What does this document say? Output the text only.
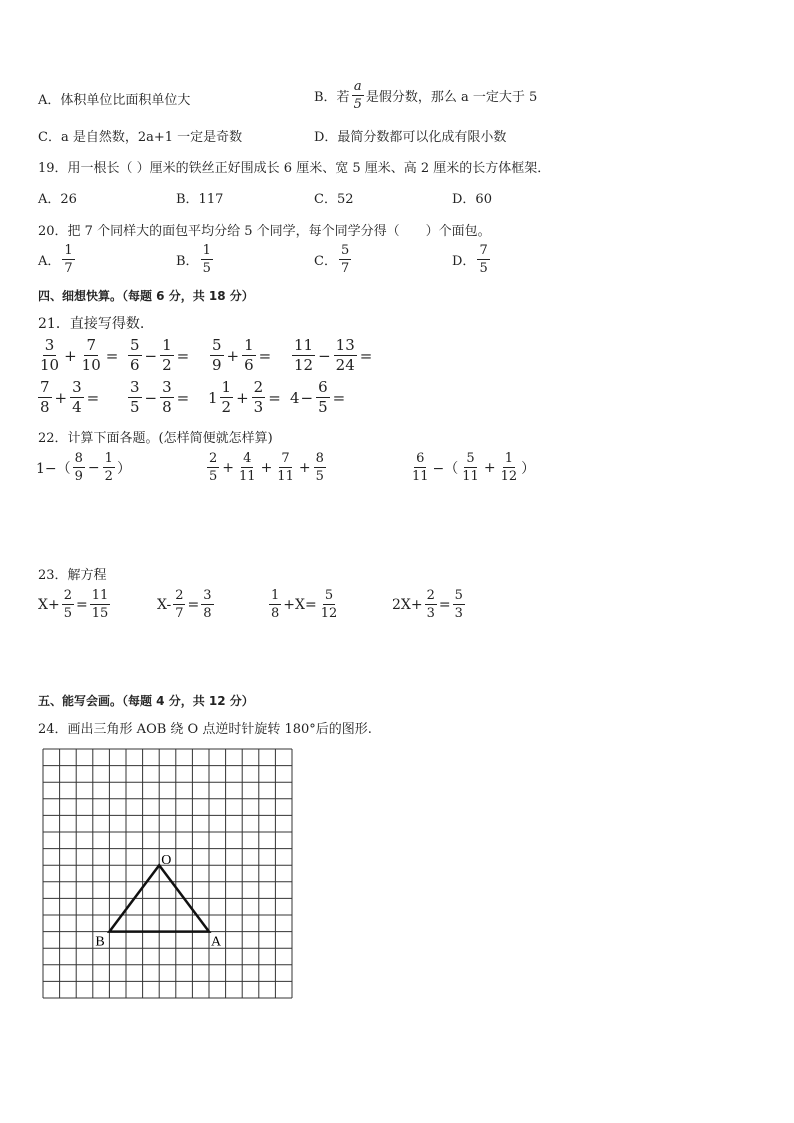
A．体积单位比面积单位大	B．若 $\frac{a}{5}$ 是假分数，那么 a 一定大于 5
C．a 是自然数，2a+1 一定是奇数	D．最简分数都可以化成有限小数
19．用一根长（ ）厘米的铁丝正好围成长 6 厘米、宽 5 厘米、高 2 厘米的长方体框架．
A．26	B．117	C．52	D．60
20．把 7 个同样大的面包平均分给 5 个同学，每个同学分得（　　）个面包。
A． $\frac{1}{7}$	B． $\frac{1}{5}$	C． $\frac{5}{7}$	D． $\frac{7}{5}$
四、细想快算。（每题 6 分，共 18 分）
21．直接写得数.
$\frac{3}{10} + \frac{7}{10} = \frac{5}{6} - \frac{1}{2} = \frac{5}{9} + \frac{1}{6} = \frac{11}{12} - \frac{13}{24}$ =
$\frac{7}{8} + \frac{3}{4} = \frac{3}{5} - \frac{3}{8} = 1 \frac{1}{2} + \frac{2}{3} = 4 - \frac{6}{5}$ =
22．计算下面各题。(怎样简便就怎样算)
$1-( \frac{8}{9} - \frac{1}{2}$ ）	$\frac{2}{5} + \frac{4}{11} + \frac{7}{11} + \frac{8}{5}$	$\frac{6}{11}$ −（ $\frac{5}{11} + \frac{1}{12}$ ）
23．解方程
$X+ \frac{2}{5} = \frac{11}{15}$	$X- \frac{2}{7} = \frac{3}{8}$	$\frac{1}{8} +X= \frac{5}{12}$	$2X+ \frac{2}{3} = \frac{5}{3}$
五、能写会画。（每题 4 分，共 12 分）
24．画出三角形 AOB 绕 O 点逆时针旋转 180°后的图形.
O
A
B
